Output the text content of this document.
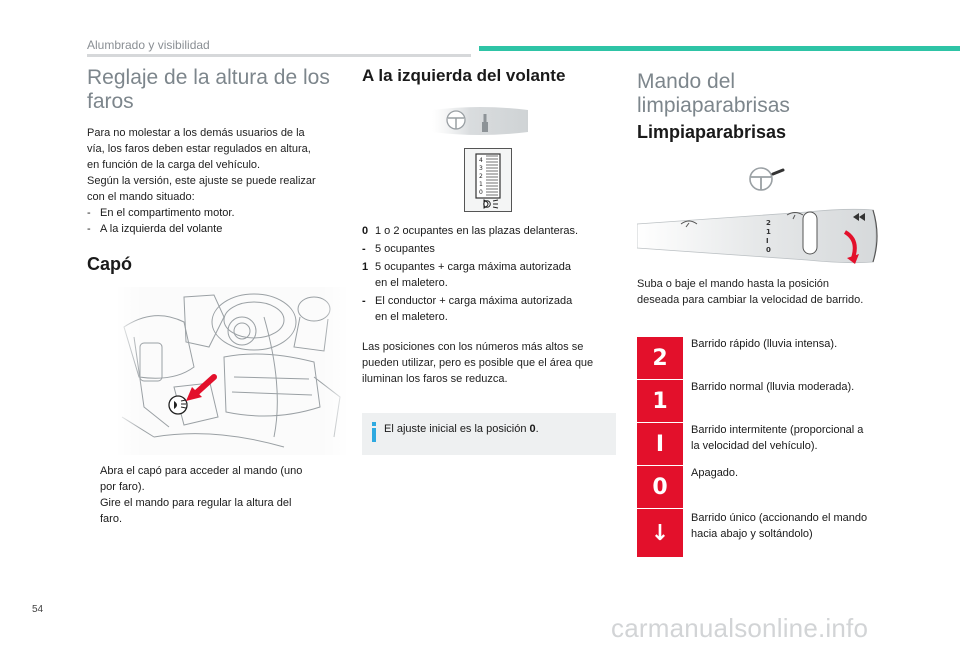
Alumbrado y visibilidad
Reglaje de la altura de los
faros
Para no molestar a los demás usuarios de la
vía, los faros deben estar regulados en altura,
en función de la carga del vehículo.
Según la versión, este ajuste se puede realizar
con el mando situado:
- En el compartimento motor.
- A la izquierda del volante
Capó
Abra el capó para acceder al mando (uno
por faro).
Gire el mando para regular la altura del
faro.
A la izquierda del volante
4
3
2
1
0
0 1 o 2 ocupantes en las plazas delanteras.
- 5 ocupantes
1 5 ocupantes + carga máxima autorizada
en el maletero.
- El conductor + carga máxima autorizada
en el maletero.
Las posiciones con los números más altos se
pueden utilizar, pero es posible que el área que
iluminan los faros se reduzca.
El ajuste inicial es la posición 0.
Mando del
limpiaparabrisas
Limpiaparabrisas
2
1
I
0
Suba o baje el mando hasta la posición
deseada para cambiar la velocidad de barrido.
2
Barrido rápido (lluvia intensa).
1
Barrido normal (lluvia moderada).
I
Barrido intermitente (proporcional a
la velocidad del vehículo).
0
Apagado.
↓
Barrido único (accionando el mando
hacia abajo y soltándolo)
54
carmanualsonline.info
